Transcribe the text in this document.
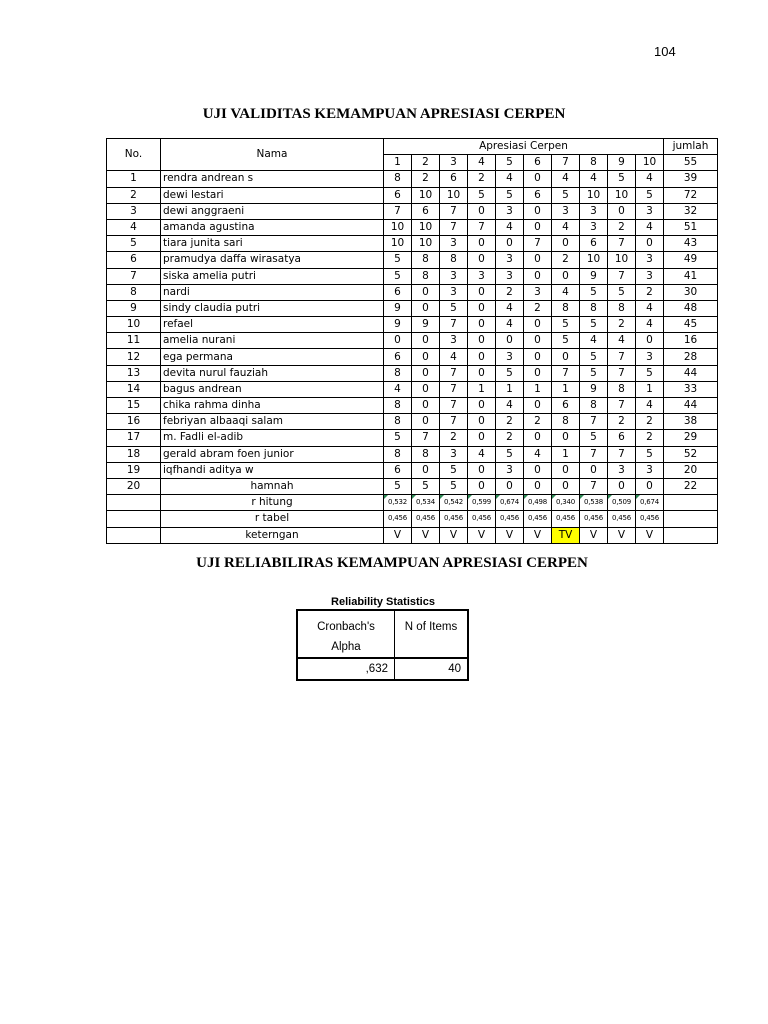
104
UJI VALIDITAS KEMAMPUAN APRESIASI CERPEN
No.	Nama	Apresiasi Cerpen										jumlah
		1	2	3	4	5	6	7	8	9	10	55
1	rendra andrean s	8	2	6	2	4	0	4	4	5	4	39
2	dewi lestari	6	10	10	5	5	6	5	10	10	5	72
3	dewi anggraeni	7	6	7	0	3	0	3	3	0	3	32
4	amanda agustina	10	10	7	7	4	0	4	3	2	4	51
5	tiara junita sari	10	10	3	0	0	7	0	6	7	0	43
6	pramudya daffa wirasatya	5	8	8	0	3	0	2	10	10	3	49
7	siska amelia putri	5	8	3	3	3	0	0	9	7	3	41
8	nardi	6	0	3	0	2	3	4	5	5	2	30
9	sindy claudia putri	9	0	5	0	4	2	8	8	8	4	48
10	refael	9	9	7	0	4	0	5	5	2	4	45
11	amelia nurani	0	0	3	0	0	0	5	4	4	0	16
12	ega permana	6	0	4	0	3	0	0	5	7	3	28
13	devita nurul fauziah	8	0	7	0	5	0	7	5	7	5	44
14	bagus andrean	4	0	7	1	1	1	1	9	8	1	33
15	chika rahma dinha	8	0	7	0	4	0	6	8	7	4	44
16	febriyan albaaqi salam	8	0	7	0	2	2	8	7	2	2	38
17	m. Fadli el-adib	5	7	2	0	2	0	0	5	6	2	29
18	gerald abram foen junior	8	8	3	4	5	4	1	7	7	5	52
19	iqfhandi aditya w	6	0	5	0	3	0	0	0	3	3	20
20	hamnah	5	5	5	0	0	0	0	7	0	0	22
	r hitung	0,532	0,534	0,542	0,599	0,674	0,498	0,340	0,538	0,509	0,674	
	r tabel	0,456	0,456	0,456	0,456	0,456	0,456	0,456	0,456	0,456	0,456	
	keterngan	V	V	V	V	V	V	TV	V	V	V	
UJI RELIABILIRAS KEMAMPUAN APRESIASI CERPEN
Reliability Statistics
Cronbach's
Alpha	N of Items
,632	40
